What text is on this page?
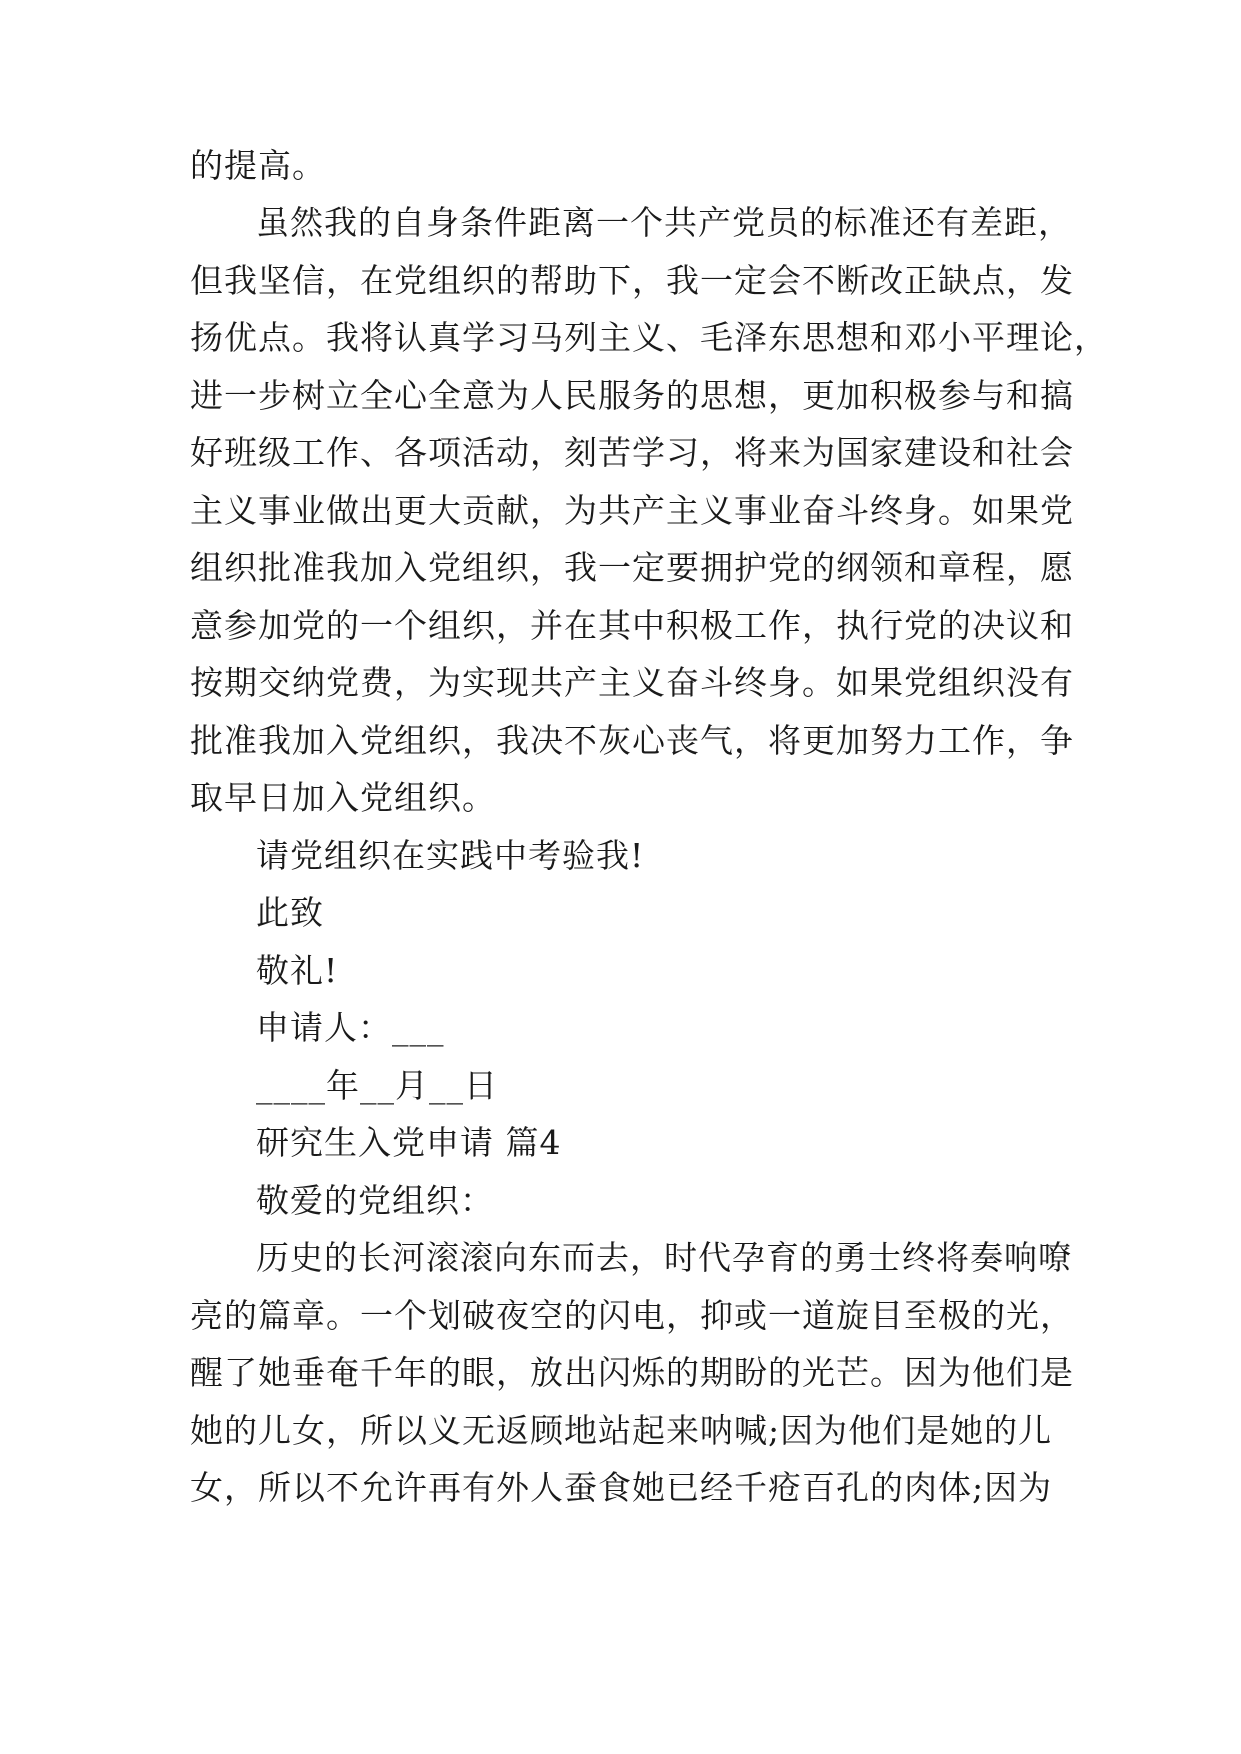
的提高。
虽然我的自身条件距离一个共产党员的标准还有差距，
但我坚信，在党组织的帮助下，我一定会不断改正缺点，发
扬优点。我将认真学习马列主义、毛泽东思想和邓小平理论，
进一步树立全心全意为人民服务的思想，更加积极参与和搞
好班级工作、各项活动，刻苦学习，将来为国家建设和社会
主义事业做出更大贡献，为共产主义事业奋斗终身。如果党
组织批准我加入党组织，我一定要拥护党的纲领和章程，愿
意参加党的一个组织，并在其中积极工作，执行党的决议和
按期交纳党费，为实现共产主义奋斗终身。如果党组织没有
批准我加入党组织，我决不灰心丧气，将更加努力工作，争
取早日加入党组织。
请党组织在实践中考验我!
此致
敬礼!
申请人：___
____年__月__日
研究生入党申请 篇4
敬爱的党组织：
历史的长河滚滚向东而去，时代孕育的勇士终将奏响嘹
亮的篇章。一个划破夜空的闪电，抑或一道旋目至极的光，
醒了她垂奄千年的眼，放出闪烁的期盼的光芒。因为他们是
她的儿女，所以义无返顾地站起来呐喊;因为他们是她的儿
女，所以不允许再有外人蚕食她已经千疮百孔的肉体;因为
